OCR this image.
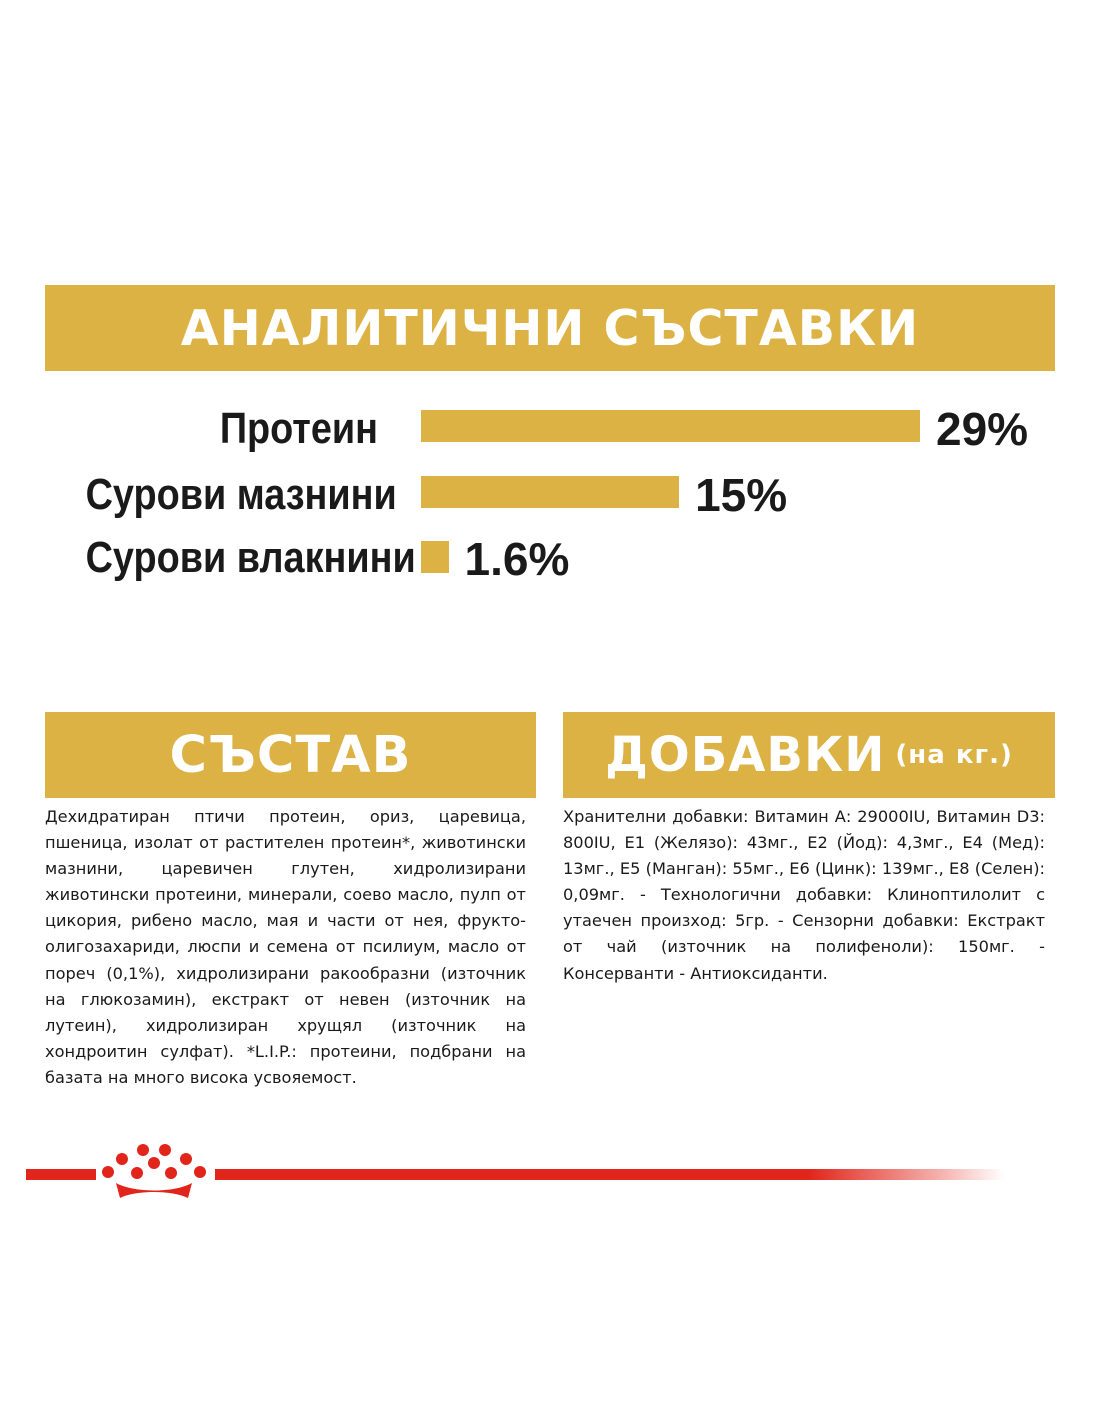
АНАЛИТИЧНИ СЪСТАВКИ
Протеин	29%
Сурови мазнини	15%
Сурови влакнини 1.6%
СЪСТАВ	ДОБАВКИ (на кг.)

Дехидратиран птичи протеин, ориз, царевица, пшеница, изолат от растителен протеин*, животински мазнини, царевичен глутен, хидролизирани животински протеини, минерали, соево масло, пулп от цикория, рибено масло, мая и части от нея, фрукто-олигозахариди, люспи и семена от псилиум, масло от пореч (0,1%), хидролизирани ракообразни (източник на глюкозамин), екстракт от невен (източник на лутеин), хидролизиран хрущял (източник на хондроитин сулфат). *L.I.P.: протеини, подбрани на базата на много висока усвояемост.

Хранителни добавки: Витамин А: 29000IU, Витамин D3: 800IU, E1 (Желязо): 43мг., E2 (Йод): 4,3мг., E4 (Мед): 13мг., E5 (Манган): 55мг., E6 (Цинк): 139мг., E8 (Селен): 0,09мг. - Технологични добавки: Клиноптилолит с утаечен произход: 5гр. - Сензорни добавки: Екстракт от чай (източник на полифеноли): 150мг. - Консерванти - Антиоксиданти.
